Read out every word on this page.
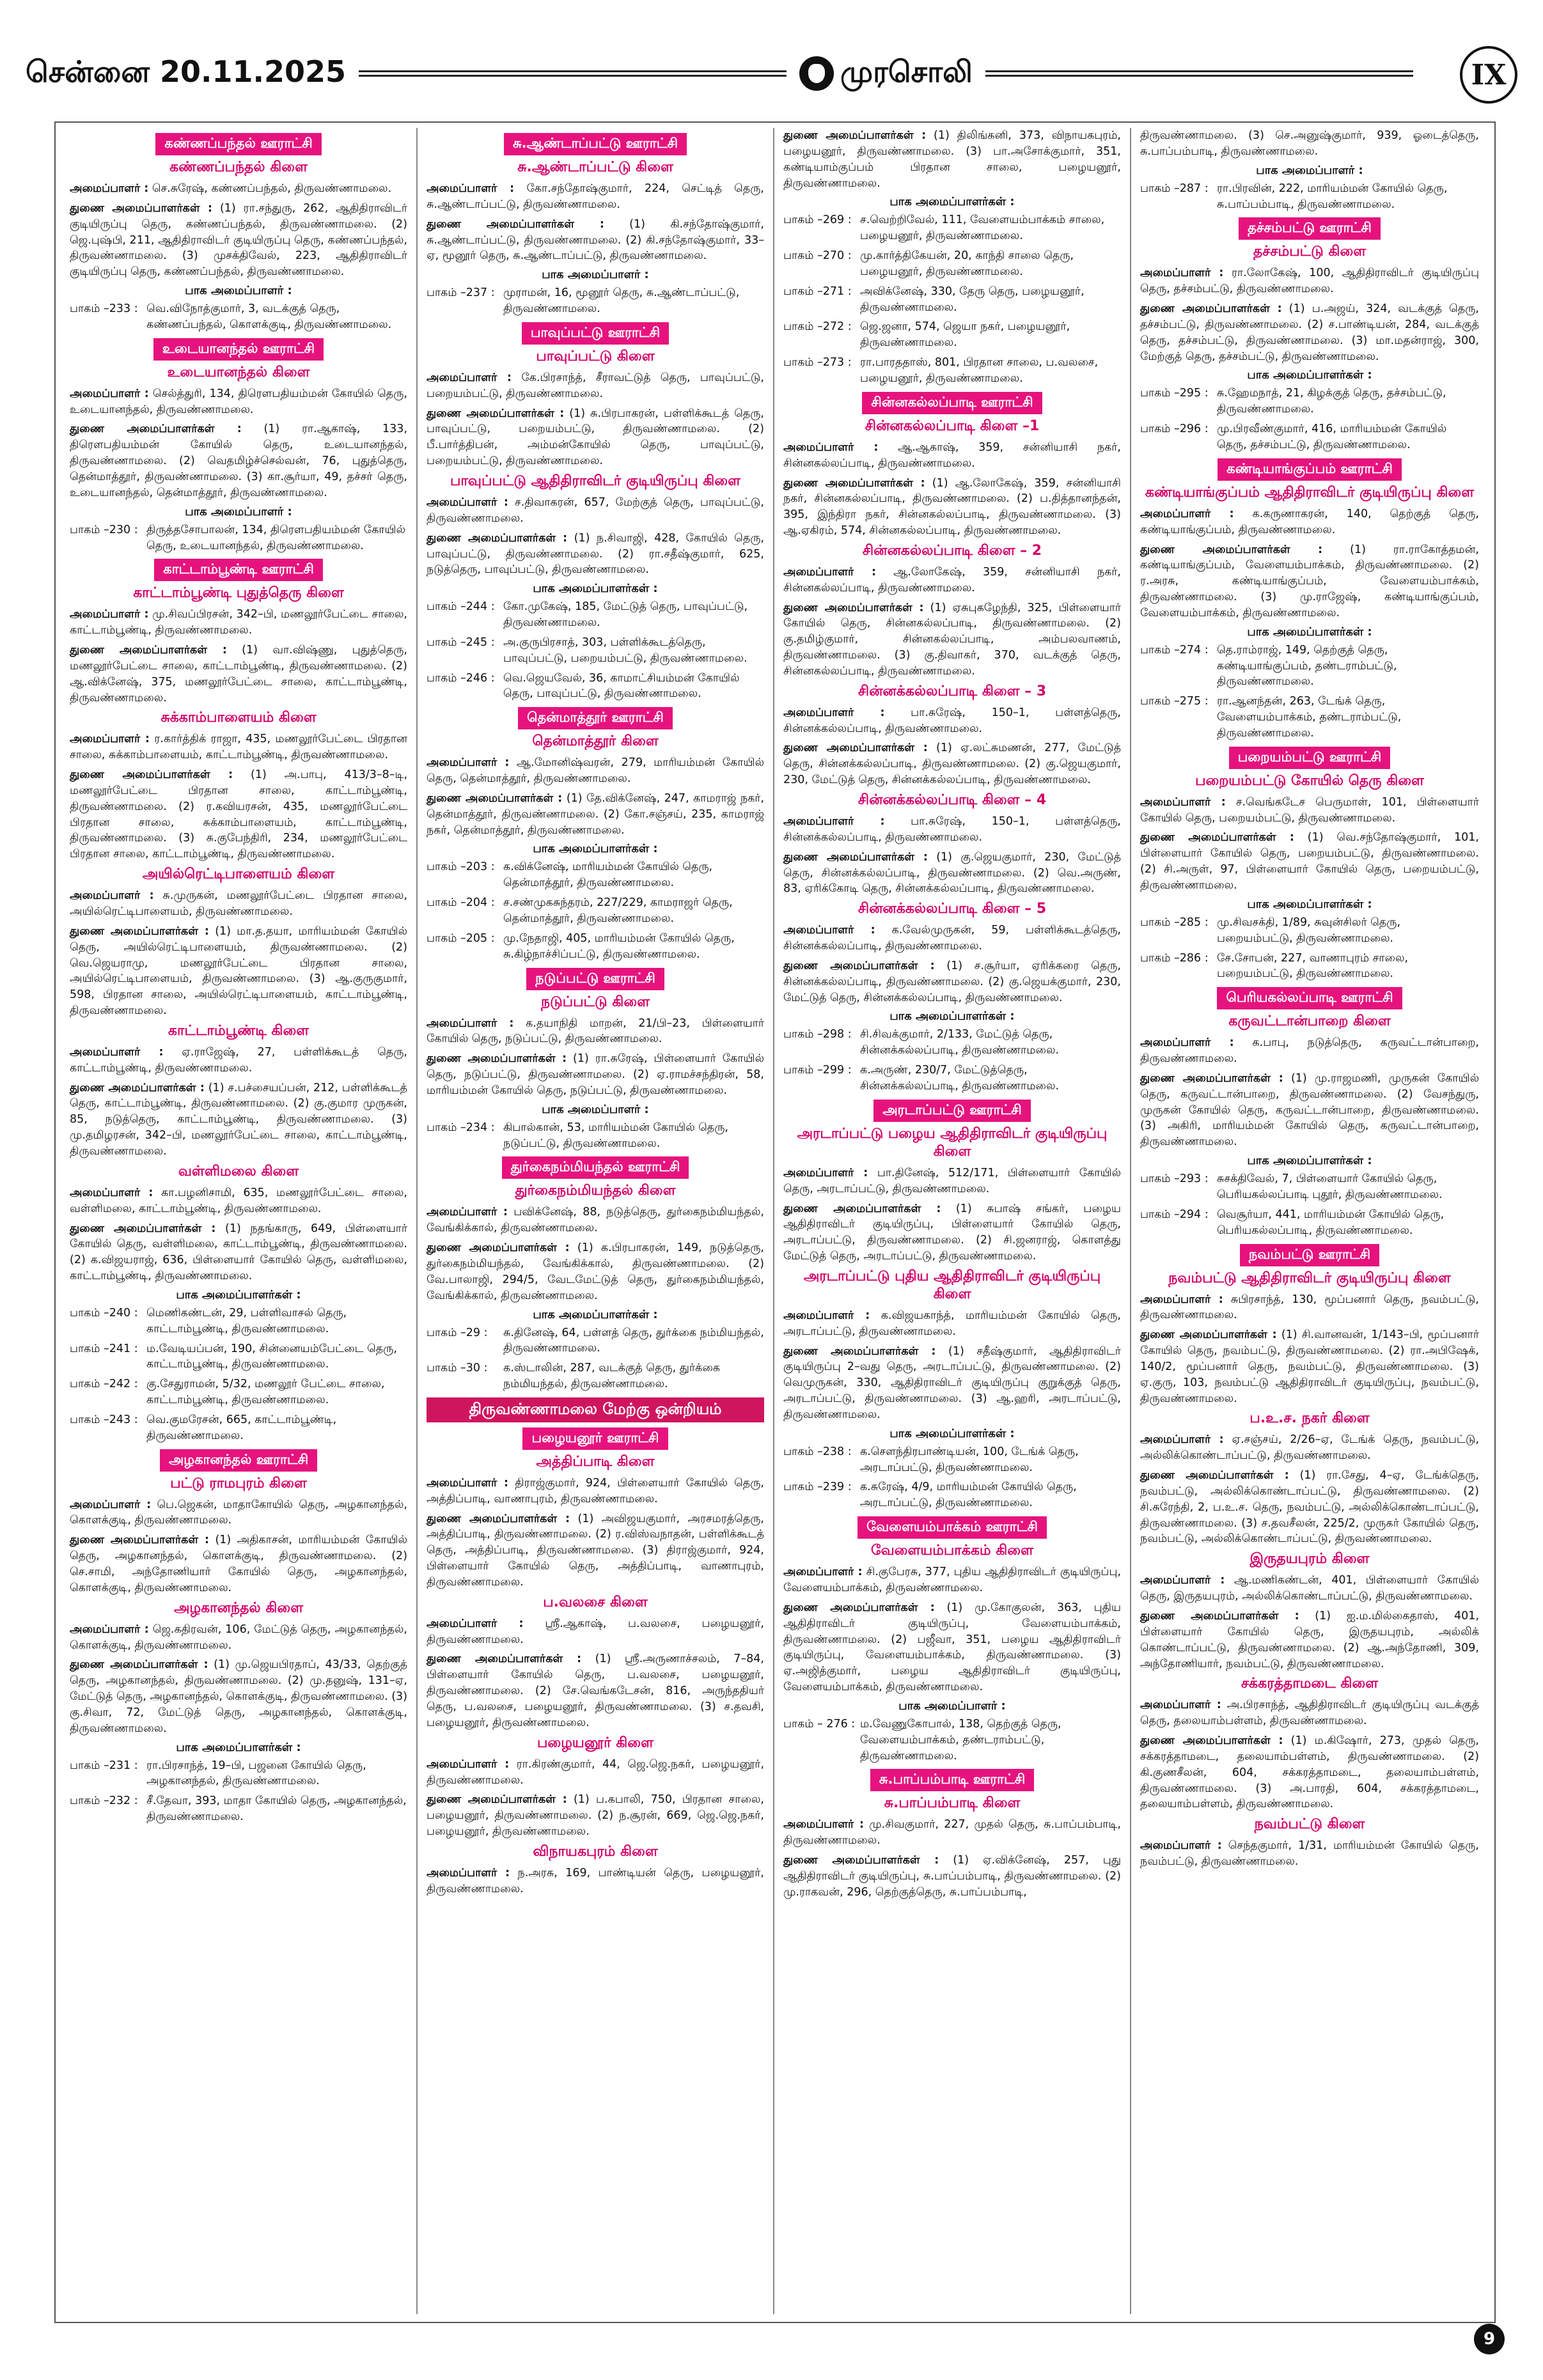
சென்னை 20.11.2025	முரசொலி	IX
கண்ணப்பந்தல் ஊராட்சி
கண்ணப்பந்தல் கிளை

அமைப்பாளர் : செ.சுரேஷ், கண்ணப்பந்தல், திருவண்ணாமலை.

துணை அமைப்பாளர்கள் : (1) ரா.சந்துரு, 262, ஆதிதிராவிடர் குடியிருப்பு தெரு, கண்ணப்பந்தல், திருவண்ணாமலை. (2) ஜெ.புஷ்பி, 211, ஆதிதிராவிடர் குடியிருப்பு தெரு, கண்ணப்பந்தல், திருவண்ணாமலை. (3) முசக்திவேல், 223, ஆதிதிராவிடர் குடியிருப்பு தெரு, கண்ணப்பந்தல், திருவண்ணாமலை.

பாக அமைப்பாளர் :
பாகம் –233 : வெ.விநோத்குமார், 3, வடக்குத் தெரு, கண்ணப்பந்தல், கொளக்குடி, திருவண்ணாமலை.
உடையானந்தல் ஊராட்சி
உடையானந்தல் கிளை

அமைப்பாளர் : செல்த்துரி, 134, திரௌபதியம்மன் கோயில் தெரு, உடையானந்தல், திருவண்ணாமலை.

துணை அமைப்பாளர்கள் : (1) ரா.ஆகாஷ், 133, திரௌபதியம்மன் கோயில் தெரு, உடையானந்தல், திருவண்ணாமலை. (2) வெதமிழ்ச்செல்வன், 76, புதுத்தெரு, தென்மாத்தூர், திருவண்ணாமலை. (3) கா.சூர்யா, 49, தச்சர் தெரு, உடையானந்தல், தென்மாத்தூர், திருவண்ணாமலை.

பாக அமைப்பாளர் :
பாகம் –230 : திருத்தசோபாலன், 134, திரௌபதியம்மன் கோயில் தெரு, உடையானந்தல், திருவண்ணாமலை.
காட்டாம்பூண்டி ஊராட்சி
காட்டாம்பூண்டி புதுத்தெரு கிளை

அமைப்பாளர் : மு.சிவப்பிரசன், 342–பி, மணலூர்பேட்டை சாலை, காட்டாம்பூண்டி, திருவண்ணாமலை.

துணை அமைப்பாளர்கள் : (1) வா.விஷ்ணு, புதுத்தெரு, மணலூர்பேட்டை சாலை, காட்டாம்பூண்டி, திருவண்ணாமலை. (2) ஆ.விக்னேஷ், 375, மணலூர்பேட்டை சாலை, காட்டாம்பூண்டி, திருவண்ணாமலை.

சுக்காம்பாளையம் கிளை

அமைப்பாளர் : ர.கார்த்திக் ராஜா, 435, மணலூர்பேட்டை பிரதான சாலை, சுக்காம்பாளையம், காட்டாம்பூண்டி, திருவண்ணாமலை.

துணை அமைப்பாளர்கள் : (1) அ.பாபு, 413/3–8–டி, மணலூர்பேட்டை பிரதான சாலை, காட்டாம்பூண்டி, திருவண்ணாமலை. (2) ர.கவியரசன், 435, மணலூர்பேட்டை பிரதான சாலை, சுக்காம்பாளையம், காட்டாம்பூண்டி, திருவண்ணாமலை. (3) சு.குபேந்திரி, 234, மணலூர்பேட்டை பிரதான சாலை, காட்டாம்பூண்டி, திருவண்ணாமலை.

அயில்ரெட்டிபாளையம் கிளை

அமைப்பாளர் : சு.முருகன், மணலூர்பேட்டை பிரதான சாலை, அயில்ரெட்டிபாளையம், திருவண்ணாமலை.

துணை அமைப்பாளர்கள் : (1) மா.த.தயா, மாரியம்மன் கோயில் தெரு, அயில்ரெட்டிபாளையம், திருவண்ணாமலை. (2) வெ.ஜெயராமு, மணலூர்பேட்டை பிரதான சாலை, அயில்ரெட்டிபாளையம், திருவண்ணாமலை. (3) ஆ.குருகுமார், 598, பிரதான சாலை, அயில்ரெட்டிபாளையம், காட்டாம்பூண்டி, திருவண்ணாமலை.

காட்டாம்பூண்டி கிளை

அமைப்பாளர் : ஏ.ராஜேஷ், 27, பள்ளிக்கூடத் தெரு, காட்டாம்பூண்டி, திருவண்ணாமலை.

துணை அமைப்பாளர்கள் : (1) ச.பச்சையப்பன், 212, பள்ளிக்கூடத் தெரு, காட்டாம்பூண்டி, திருவண்ணாமலை. (2) கு.குமார முருகன், 85, நடுத்தெரு, காட்டாம்பூண்டி, திருவண்ணாமலை. (3) மு.தமிழரசன், 342–பி, மணலூர்பேட்டை சாலை, காட்டாம்பூண்டி, திருவண்ணாமலை.

வள்ளிமலை கிளை

அமைப்பாளர் : கா.பழனிசாமி, 635, மணலூர்பேட்டை சாலை, வள்ளிமலை, காட்டாம்பூண்டி, திருவண்ணாமலை.

துணை அமைப்பாளர்கள் : (1) நதங்காரு, 649, பிள்ளையார் கோயில் தெரு, வள்ளிமலை, காட்டாம்பூண்டி, திருவண்ணாமலை. (2) க.விஜயராஜ், 636, பிள்ளையார் கோயில் தெரு, வள்ளிமலை, காட்டாம்பூண்டி, திருவண்ணாமலை.

பாக அமைப்பாளர்கள் :
பாகம் –240 : மெணிகண்டன், 29, பள்ளிவாசல் தெரு, காட்டாம்பூண்டி, திருவண்ணாமலை.
பாகம் –241 : ம.வேடியப்பன், 190, சின்னையம்பேட்டை தெரு, காட்டாம்பூண்டி, திருவண்ணாமலை.
பாகம் –242 : கு.சேதுராமன், 5/32, மணலூர் பேட்டை சாலை, காட்டாம்பூண்டி, திருவண்ணாமலை.
பாகம் –243 : வெ.குமரேசன், 665, காட்டாம்பூண்டி, திருவண்ணாமலை.
அழகானந்தல் ஊராட்சி
பட்டு ராமபுரம் கிளை

அமைப்பாளர் : பெ.ஜெகன், மாதாகோயில் தெரு, அழகானந்தல், கொளக்குடி, திருவண்ணாமலை.

துணை அமைப்பாளர்கள் : (1) அதிகாசன், மாரியம்மன் கோயில் தெரு, அழகானந்தல், கொளக்குடி, திருவண்ணாமலை. (2) செ.சாமி, அந்தோணியார் கோயில் தெரு, அழகானந்தல், கொளக்குடி, திருவண்ணாமலை.

அழகானந்தல் கிளை

அமைப்பாளர் : ஜெ.கதிரவன், 106, மேட்டுத் தெரு, அழகானந்தல், கொளக்குடி, திருவண்ணாமலை.

துணை அமைப்பாளர்கள் : (1) மு.ஜெயபிரதாப், 43/33, தெற்குத் தெரு, அழகானந்தல், திருவண்ணாமலை. (2) மு.தனுஷ், 131–ஏ, மேட்டுத் தெரு, அழகானந்தல், கொளக்குடி, திருவண்ணாமலை. (3) கு.சிவா, 72, மேட்டுத் தெரு, அழகானந்தல், கொளக்குடி, திருவண்ணாமலை.

பாக அமைப்பாளர்கள் :
பாகம் –231 : ரா.பிரசாந்த், 19–பி, பஜனை கோயில் தெரு, அழகானந்தல், திருவண்ணாமலை.
பாகம் –232 : சீ.தேவா, 393, மாதா கோயில் தெரு, அழகானந்தல், திருவண்ணாமலை.
சு.ஆண்டாப்பட்டு ஊராட்சி
சு.ஆண்டாப்பட்டு கிளை

அமைப்பாளர் : கோ.சந்தோஷ்குமார், 224, செட்டித் தெரு, சு.ஆண்டாப்பட்டு, திருவண்ணாமலை.

துணை அமைப்பாளர்கள் : (1) கி.சந்தோஷ்குமார், சு.ஆண்டாப்பட்டு, திருவண்ணாமலை. (2) கி.சந்தோஷ்குமார், 33–ஏ, மூனூர் தெரு, சு.ஆண்டாப்பட்டு, திருவண்ணாமலை.

பாக அமைப்பாளர் :
பாகம் –237 : முராமன், 16, மூனூர் தெரு, சு.ஆண்டாப்பட்டு, திருவண்ணாமலை.
பாவுப்பட்டு ஊராட்சி
பாவுப்பட்டு கிளை

அமைப்பாளர் : கே.பிரசாந்த், சீராவட்டுத் தெரு, பாவுப்பட்டு, பறையம்பட்டு, திருவண்ணாமலை.

துணை அமைப்பாளர்கள் : (1) சு.பிரபாகரன், பள்ளிக்கூடத் தெரு, பாவுப்பட்டு, பறையம்பட்டு, திருவண்ணாமலை. (2) பீ.பார்த்திபன், அம்மன்கோயில் தெரு, பாவுப்பட்டு, பறையம்பட்டு, திருவண்ணாமலை.

பாவுப்பட்டு ஆதிதிராவிடர் குடியிருப்பு கிளை

அமைப்பாளர் : ச.திவாகரன், 657, மேற்குத் தெரு, பாவுப்பட்டு, திருவண்ணாமலை.

துணை அமைப்பாளர்கள் : (1) ந.சிவாஜி, 428, கோயில் தெரு, பாவுப்பட்டு, திருவண்ணாமலை. (2) ரா.சதீஷ்குமார், 625, நடுத்தெரு, பாவுப்பட்டு, திருவண்ணாமலை.

பாக அமைப்பாளர்கள் :
பாகம் –244 : கோ.முகேஷ், 185, மேட்டுத் தெரு, பாவுப்பட்டு, திருவண்ணாமலை.
பாகம் –245 : அ.குருபிரசாத், 303, பள்ளிக்கூடத்தெரு, பாவுப்பட்டு, பறையம்பட்டு, திருவண்ணாமலை.
பாகம் –246 : வெ.ஜெயவேல், 36, காமாட்சியம்மன் கோயில் தெரு, பாவுப்பட்டு, திருவண்ணாமலை.
தென்மாத்தூர் ஊராட்சி
தென்மாத்தூர் கிளை

அமைப்பாளர் : ஆ.மோனிஷ்வரன், 279, மாரியம்மன் கோயில் தெரு, தென்மாத்தூர், திருவண்ணாமலை.

துணை அமைப்பாளர்கள் : (1) தே.விக்னேஷ், 247, காமராஜ் நகர், தென்மாத்தூர், திருவண்ணாமலை. (2) கோ.சஞ்சய், 235, காமராஜ் நகர், தென்மாத்தூர், திருவண்ணாமலை.

பாக அமைப்பாளர்கள் :
பாகம் –203 : க.விக்னேஷ், மாரியம்மன் கோயில் தெரு, தென்மாத்தூர், திருவண்ணாமலை.
பாகம் –204 : ச.சண்முகசுந்தரம், 227/229, காமராஜர் தெரு, தென்மாத்தூர், திருவண்ணாமலை.
பாகம் –205 : மு.நேதாஜி, 405, மாரியம்மன் கோயில் தெரு, சு.கிழ்நாச்சிப்பட்டு, திருவண்ணாமலை.
நடுப்பட்டு ஊராட்சி
நடுப்பட்டு கிளை

அமைப்பாளர் : க.தயாநிதி மாறன், 21/பி–23, பிள்ளையார் கோயில் தெரு, நடுப்பட்டு, திருவண்ணாமலை.

துணை அமைப்பாளர்கள் : (1) ரா.சுரேஷ், பிள்ளையார் கோயில் தெரு, நடுப்பட்டு, திருவண்ணாமலை. (2) ஏ.ராமச்சந்திரன், 58, மாரியம்மன் கோயில் தெரு, நடுப்பட்டு, திருவண்ணாமலை.

பாக அமைப்பாளர் :
பாகம் –234 : கிபால்கான், 53, மாரியம்மன் கோயில் தெரு, நடுப்பட்டு, திருவண்ணாமலை.
துர்கைநம்மியந்தல் ஊராட்சி
துர்கைநம்மியந்தல் கிளை

அமைப்பாளர் : பவிக்னேஷ், 88, நடுத்தெரு, துர்கைநம்மியந்தல், வேங்கிக்கால், திருவண்ணாமலை.

துணை அமைப்பாளர்கள் : (1) க.பிரபாகரன், 149, நடுத்தெரு, துர்கைநம்மியந்தல், வேங்கிக்கால், திருவண்ணாமலை. (2) வே.பாலாஜி, 294/5, வேடமேட்டுத் தெரு, துர்கைநம்மியந்தல், வேங்கிக்கால், திருவண்ணாமலை.

பாக அமைப்பாளர்கள் :
பாகம் –29 :	சு.தினேஷ், 64, பள்ளத் தெரு, துர்க்கை நம்மியந்தல், திருவண்ணாமலை.
பாகம் –30 :	க.ஸ்டாலின், 287, வடக்குத் தெரு, துர்க்கை நம்மியந்தல், திருவண்ணாமலை.
திருவண்ணாமலை மேற்கு ஒன்றியம்
பழையனூர் ஊராட்சி
அத்திப்பாடி கிளை

அமைப்பாளர் : திராஜ்குமார், 924, பிள்ளையார் கோயில் தெரு, அத்திப்பாடி, வாணாபுரம், திருவண்ணாமலை.

துணை அமைப்பாளர்கள் : (1) அவிஜயகுமார், அரசமரத்தெரு, அத்திப்பாடி, திருவண்ணாமலை. (2) ர.விஸ்வநாதன், பள்ளிக்கூடத் தெரு, அத்திப்பாடி, திருவண்ணாமலை. (3) திராஜ்குமார், 924, பிள்ளையார் கோயில் தெரு, அத்திப்பாடி, வாணாபுரம், திருவண்ணாமலை.

ப.வலசை கிளை

அமைப்பாளர் : ஸ்ரீ.ஆகாஷ், ப.வலசை, பழையனூர், திருவண்ணாமலை.

துணை அமைப்பாளர்கள் : (1) ஸ்ரீ.அருணாச்சலம், 7–84, பிள்ளையார் கோயில் தெரு, ப.வலசை, பழையனூர், திருவண்ணாமலை. (2) சே.வெங்கடேசன், 816, அருந்ததியர் தெரு, ப.வலசை, பழையனூர், திருவண்ணாமலை. (3) ச.தவசி, பழையனூர், திருவண்ணாமலை.

பழையனூர் கிளை

அமைப்பாளர் : ரா.கிரண்குமார், 44, ஜெ.ஜெ.நகர், பழையனூர், திருவண்ணாமலை.

துணை அமைப்பாளர்கள் : (1) ப.கபாலி, 750, பிரதான சாலை, பழையனூர், திருவண்ணாமலை. (2) ந.சூரன், 669, ஜெ.ஜெ.நகர், பழையனூர், திருவண்ணாமலை.

விநாயகபுரம் கிளை

அமைப்பாளர் : ந.அரசு, 169, பாண்டியன் தெரு, பழையனூர், திருவண்ணாமலை.

துணை அமைப்பாளர்கள் : (1) திலிங்கனி, 373, விநாயகபுரம், பழையனூர், திருவண்ணாமலை. (3) பா.அசோக்குமார், 351, கண்டியாம்குப்பம் பிரதான சாலை, பழையனூர், திருவண்ணாமலை.

பாக அமைப்பாளர்கள் :
பாகம் –269 : ச.வெற்றிவேல், 111, வேளையம்பாக்கம் சாலை, பழையனூர், திருவண்ணாமலை.
பாகம் –270 : மு.கார்த்திகேயன், 20, காந்தி சாலை தெரு, பழையனூர், திருவண்ணாமலை.
பாகம் –271 : அவிக்னேஷ், 330, தேரு தெரு, பழையனூர், திருவண்ணாமலை.
பாகம் –272 : ஜெ.ஜனா, 574, ஜெயா நகர், பழையனூர், திருவண்ணாமலை.
பாகம் –273 : ரா.பாரததாஸ், 801, பிரதான சாலை, ப.வலசை, பழையனூர், திருவண்ணாமலை.
சின்னகல்லப்பாடி ஊராட்சி
சின்னகல்லப்பாடி கிளை –1

அமைப்பாளர் : ஆ.ஆகாஷ், 359, சன்னியாசி நகர், சின்னகல்லப்பாடி, திருவண்ணாமலை.

துணை அமைப்பாளர்கள் : (1) ஆ.லோகேஷ், 359, சன்னியாசி நகர், சின்னகல்லப்பாடி, திருவண்ணாமலை. (2) ப.தித்தானந்தன், 395, இந்திரா நகர், சின்னகல்லப்பாடி, திருவண்ணாமலை. (3) ஆ.ஏகிரம், 574, சின்னகல்லப்பாடி, திருவண்ணாமலை.

சின்னகல்லப்பாடி கிளை – 2

அமைப்பாளர் : ஆ.லோகேஷ், 359, சன்னியாசி நகர், சின்னகல்லப்பாடி, திருவண்ணாமலை.

துணை அமைப்பாளர்கள் : (1) ஏசுபுகழேந்தி, 325, பிள்ளையார் கோயில் தெரு, சின்னகல்லப்பாடி, திருவண்ணாமலை. (2) கு.தமிழ்குமார், சின்னகல்லப்பாடி, அம்பலவாணம், திருவண்ணாமலை. (3) கு.திவாகர், 370, வடக்குத் தெரு, சின்னகல்லப்பாடி, திருவண்ணாமலை.

சின்னக்கல்லப்பாடி கிளை – 3

அமைப்பாளர் : பா.சுரேஷ், 150–1, பள்ளத்தெரு, சின்னக்கல்லப்பாடி, திருவண்ணாமலை.

துணை அமைப்பாளர்கள் : (1) ஏ.லட்சுமணன், 277, மேட்டுத் தெரு, சின்னக்கல்லப்பாடி, திருவண்ணாமலை. (2) கு.ஜெயகுமார், 230, மேட்டுத் தெரு, சின்னக்கல்லப்பாடி, திருவண்ணாமலை.

சின்னக்கல்லப்பாடி கிளை – 4

அமைப்பாளர் : பா.சுரேஷ், 150–1, பள்ளத்தெரு, சின்னக்கல்லப்பாடி, திருவண்ணாமலை.

துணை அமைப்பாளர்கள் : (1) கு.ஜெயகுமார், 230, மேட்டுத் தெரு, சின்னக்கல்லப்பாடி, திருவண்ணாமலை. (2) வெ.அருண், 83, ஏரிக்கோடி தெரு, சின்னக்கல்லப்பாடி, திருவண்ணாமலை.

சின்னக்கல்லப்பாடி கிளை – 5

அமைப்பாளர் : க.வேல்முருகன், 59, பள்ளிக்கூடத்தெரு, சின்னக்கல்லப்பாடி, திருவண்ணாமலை.

துணை அமைப்பாளர்கள் : (1) ச.சூர்யா, ஏரிக்கரை தெரு, சின்னக்கல்லப்பாடி, திருவண்ணாமலை. (2) கு.ஜெயக்குமார், 230, மேட்டுத் தெரு, சின்னக்கல்லப்பாடி, திருவண்ணாமலை.

பாக அமைப்பாளர்கள் :
பாகம் –298 : சி.சிவக்குமார், 2/133, மேட்டுத் தெரு, சின்னக்கல்லப்பாடி, திருவண்ணாமலை.
பாகம் –299 : க.அருண், 230/7, மேட்டுத்தெரு, சின்னக்கல்லப்பாடி, திருவண்ணாமலை.
அரடாப்பட்டு ஊராட்சி
அரடாப்பட்டு பழைய ஆதிதிராவிடர் குடியிருப்பு கிளை

அமைப்பாளர் : பா.தினேஷ், 512/171, பிள்ளையார் கோயில் தெரு, அரடாப்பட்டு, திருவண்ணாமலை.

துணை அமைப்பாளர்கள் : (1) சுபாஷ் சங்கர், பழைய ஆதிதிராவிடர் குடியிருப்பு, பிள்ளையார் கோயில் தெரு, அரடாப்பட்டு, திருவண்ணாமலை. (2) சி.ஜனராஜ், கொளத்து மேட்டுத் தெரு, அரடாப்பட்டு, திருவண்ணாமலை.

அரடாப்பட்டு புதிய ஆதிதிராவிடர் குடியிருப்பு கிளை

அமைப்பாளர் : க.விஜயகாந்த், மாரியம்மன் கோயில் தெரு, அரடாப்பட்டு, திருவண்ணாமலை.

துணை அமைப்பாளர்கள் : (1) சதீஷ்குமார், ஆதிதிராவிடர் குடியிருப்பு 2–வது தெரு, அரடாப்பட்டு, திருவண்ணாமலை. (2) வெமுருகன், 330, ஆதிதிராவிடர் குடியிருப்பு குறுக்குத் தெரு, அரடாப்பட்டு, திருவண்ணாமலை. (3) ஆ.ஹரி, அரடாப்பட்டு, திருவண்ணாமலை.

பாக அமைப்பாளர்கள் :
பாகம் –238 : க.சௌந்திரபாண்டியன், 100, டேங்க் தெரு, அரடாப்பட்டு, திருவண்ணாமலை.
பாகம் –239 : க.சுரேஷ், 4/9, மாரியம்மன் கோயில் தெரு, அரடாப்பட்டு, திருவண்ணாமலை.
வேளையம்பாக்கம் ஊராட்சி
வேளையம்பாக்கம் கிளை

அமைப்பாளர் : சி.குபேரசு, 377, புதிய ஆதிதிராவிடர் குடியிருப்பு, வேளையம்பாக்கம், திருவண்ணாமலை.

துணை அமைப்பாளர்கள் : (1) மு.கோகுலன், 363, புதிய ஆதிதிராவிடர் குடியிருப்பு, வேளையம்பாக்கம், திருவண்ணாமலை. (2) பஜீவா, 351, பழைய ஆதிதிராவிடர் குடியிருப்பு, வேளையம்பாக்கம், திருவண்ணாமலை. (3) ஏ.அஜித்குமார், பழைய ஆதிதிராவிடர் குடியிருப்பு, வேளையம்பாக்கம், திருவண்ணாமலை.

பாக அமைப்பாளர் :
பாகம் – 276 : ம.வேணுகோபால், 138, தெற்குத் தெரு, வேளையம்பாக்கம், தண்டராம்பட்டு, திருவண்ணாமலை.
சு.பாப்பம்பாடி ஊராட்சி
சு.பாப்பம்பாடி கிளை

அமைப்பாளர் : மு.சிவகுமார், 227, முதல் தெரு, சு.பாப்பம்பாடி, திருவண்ணாமலை.

துணை அமைப்பாளர்கள் : (1) ஏ.விக்னேஷ், 257, புது ஆதிதிராவிடர் குடியிருப்பு, சு.பாப்பம்பாடி, திருவண்ணாமலை. (2) மு.ராகவன், 296, தெற்குத்தெரு, சு.பாப்பம்பாடி,

திருவண்ணாமலை. (3) செ.அனுஷ்குமார், 939, ஓடைத்தெரு, சு.பாப்பம்பாடி, திருவண்ணாமலை.

பாக அமைப்பாளர் :
பாகம் –287 : ரா.பிரவின், 222, மாரியம்மன் கோயில் தெரு, சு.பாப்பம்பாடி, திருவண்ணாமலை.
தச்சம்பட்டு ஊராட்சி
தச்சம்பட்டு கிளை

அமைப்பாளர் : ரா.லோகேஷ், 100, ஆதிதிராவிடர் குடியிருப்பு தெரு, தச்சம்பட்டு, திருவண்ணாமலை.

துணை அமைப்பாளர்கள் : (1) ப.அஜய், 324, வடக்குத் தெரு, தச்சம்பட்டு, திருவண்ணாமலை. (2) ச.பாண்டியன், 284, வடக்குத் தெரு, தச்சம்பட்டு, திருவண்ணாமலை. (3) மா.மதன்ராஜ், 300, மேற்குத் தெரு, தச்சம்பட்டு, திருவண்ணாமலை.

பாக அமைப்பாளர்கள் :
பாகம் –295 : சு.ஹேமநாத், 21, கிழக்குத் தெரு, தச்சம்பட்டு, திருவண்ணாமலை.
பாகம் –296 : மு.பிரவீண்குமார், 416, மாரியம்மன் கோயில் தெரு, தச்சம்பட்டு, திருவண்ணாமலை.
கண்டியாங்குப்பம் ஊராட்சி
கண்டியாங்குப்பம் ஆதிதிராவிடர் குடியிருப்பு கிளை

அமைப்பாளர் : க.கருணாகரன், 140, தெற்குத் தெரு, கண்டியாங்குப்பம், திருவண்ணாமலை.

துணை அமைப்பாளர்கள் : (1) ரா.ராகோத்தமன், கண்டியாங்குப்பம், வேளையம்பாக்கம், திருவண்ணாமலை. (2) ர.அரசு, கண்டியாங்குப்பம், வேளையம்பாக்கம், திருவண்ணாமலை. (3) மு.ராஜேஷ், கண்டியாங்குப்பம், வேளையம்பாக்கம், திருவண்ணாமலை.

பாக அமைப்பாளர்கள் :
பாகம் –274 : தெ.ராம்ராஜ், 149, தெற்குத் தெரு, கண்டியாங்குப்பம், தண்டராம்பட்டு, திருவண்ணாமலை.
பாகம் –275 : ரா.ஆனந்தன், 263, டேங்க் தெரு, வேளையம்பாக்கம், தண்டராம்பட்டு, திருவண்ணாமலை.
பறையம்பட்டு ஊராட்சி
பறையம்பட்டு கோயில் தெரு கிளை

அமைப்பாளர் : ச.வெங்கடேச பெருமாள், 101, பிள்ளையார் கோயில் தெரு, பறையம்பட்டு, திருவண்ணாமலை.

துணை அமைப்பாளர்கள் : (1) வெ.சந்தோஷ்குமார், 101, பிள்ளையார் கோயில் தெரு, பறையம்பட்டு, திருவண்ணாமலை. (2) சி.அருள், 97, பிள்ளையார் கோயில் தெரு, பறையம்பட்டு, திருவண்ணாமலை.

பாக அமைப்பாளர்கள் :
பாகம் –285 : மு.சிவசக்தி, 1/89, சுவுன்சிலர் தெரு, பறையம்பட்டு, திருவண்ணாமலை.
பாகம் –286 : சே.சோபன், 227, வாணாபுரம் சாலை, பறையம்பட்டு, திருவண்ணாமலை.
பெரியகல்லப்பாடி ஊராட்சி
கருவட்டான்பாறை கிளை

அமைப்பாளர் : க.பாபு, நடுத்தெரு, கருவட்டான்பாறை, திருவண்ணாமலை.

துணை அமைப்பாளர்கள் : (1) மு.ராஜமணி, முருகன் கோயில் தெரு, கருவட்டான்பாறை, திருவண்ணாமலை. (2) வேசந்துரு, முருகன் கோயில் தெரு, கருவட்டான்பாறை, திருவண்ணாமலை. (3) அகிரி, மாரியம்மன் கோயில் தெரு, கருவட்டான்பாறை, திருவண்ணாமலை.

பாக அமைப்பாளர்கள் :
பாகம் –293 : சுசக்திவேல், 7, பிள்ளையார் கோயில் தெரு, பெரியகல்லப்பாடி புதூர், திருவண்ணாமலை.
பாகம் –294 : வெசூர்யா, 441, மாரியம்மன் கோயில் தெரு, பெரியகல்லப்பாடி, திருவண்ணாமலை.
நவம்பட்டு ஊராட்சி
நவம்பட்டு ஆதிதிராவிடர் குடியிருப்பு கிளை

அமைப்பாளர் : சுபிரசாந்த், 130, மூப்பனார் தெரு, நவம்பட்டு, திருவண்ணாமலை.

துணை அமைப்பாளர்கள் : (1) சி.வானவன், 1/143–பி, மூப்பனார் கோயில் தெரு, நவம்பட்டு, திருவண்ணாமலை. (2) ரா.அபிஷேக், 140/2, மூப்பனார் தெரு, நவம்பட்டு, திருவண்ணாமலை. (3) ஏ.குரு, 103, நவம்பட்டு ஆதிதிராவிடர் குடியிருப்பு, நவம்பட்டு, திருவண்ணாமலை.

ப.உ.ச. நகர் கிளை

அமைப்பாளர் : ஏ.சஞ்சய், 2/26–ஏ, டேங்க் தெரு, நவம்பட்டு, அல்லிக்கொண்டாப்பட்டு, திருவண்ணாமலை.

துணை அமைப்பாளர்கள் : (1) ரா.சேது, 4–ஏ, டேங்க்தெரு, நவம்பட்டு, அல்லிக்கொண்டாப்பட்டு, திருவண்ணாமலை. (2) சி.சுரேந்தி, 2, ப.உ.ச. தெரு, நவம்பட்டு, அல்லிக்கொண்டாப்பட்டு, திருவண்ணாமலை. (3) ச.தவசீலன், 225/2, முருகர் கோயில் தெரு, நவம்பட்டு, அல்லிக்கொண்டாப்பட்டு, திருவண்ணாமலை.

இருதயபுரம் கிளை

அமைப்பாளர் : ஆ.மணிகண்டன், 401, பிள்ளையார் கோயில் தெரு, இருதயபுரம், அல்லிக்கொண்டாப்பட்டு, திருவண்ணாமலை.

துணை அமைப்பாளர்கள் : (1) ஐ.ம.மில்கைதாஸ், 401, பிள்ளையார் கோயில் தெரு, இருதயபுரம், அல்லிக் கொண்டாப்பட்டு, திருவண்ணாமலை. (2) ஆ.அந்தோணி, 309, அந்தோணியார், நவம்பட்டு, திருவண்ணாமலை.

சக்கரத்தாமடை கிளை

அமைப்பாளர் : அ.பிரசாந்த், ஆதிதிராவிடர் குடியிருப்பு வடக்குத் தெரு, தலையாம்பள்ளம், திருவண்ணாமலை.

துணை அமைப்பாளர்கள் : (1) ம.கிஷோர், 273, முதல் தெரு, சக்கரத்தாமடை, தலையாம்பள்ளம், திருவண்ணாமலை. (2) கி.குணசீலன், 604, சக்கரத்தாமடை, தலையாம்பள்ளம், திருவண்ணாமலை. (3) அ.பாரதி, 604, சக்கரத்தாமடை, தலையாம்பள்ளம், திருவண்ணாமலை.

நவம்பட்டு கிளை

அமைப்பாளர் : செந்தகுமார், 1/31, மாரியம்மன் கோயில் தெரு, நவம்பட்டு, திருவண்ணாமலை.

9
